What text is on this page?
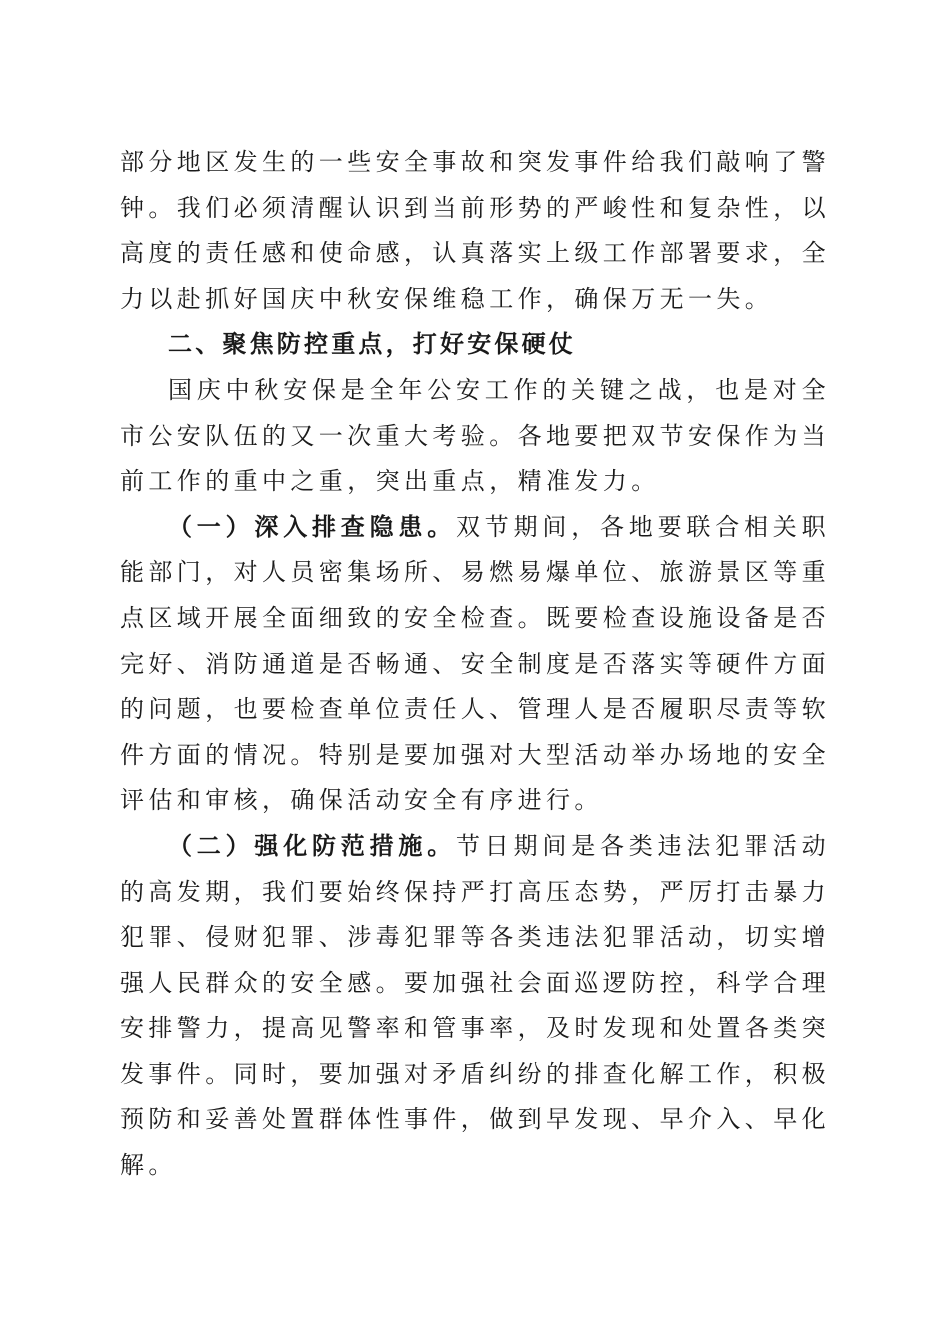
部分地区发生的一些安全事故和突发事件给我们敲响了警钟。我们必须清醒认识到当前形势的严峻性和复杂性，以高度的责任感和使命感，认真落实上级工作部署要求，全力以赴抓好国庆中秋安保维稳工作，确保万无一失。

二、聚焦防控重点，打好安保硬仗

国庆中秋安保是全年公安工作的关键之战，也是对全市公安队伍的又一次重大考验。各地要把双节安保作为当前工作的重中之重，突出重点，精准发力。

（一）深入排查隐患。双节期间，各地要联合相关职能部门，对人员密集场所、易燃易爆单位、旅游景区等重点区域开展全面细致的安全检查。既要检查设施设备是否完好、消防通道是否畅通、安全制度是否落实等硬件方面的问题，也要检查单位责任人、管理人是否履职尽责等软件方面的情况。特别是要加强对大型活动举办场地的安全评估和审核，确保活动安全有序进行。

（二）强化防范措施。节日期间是各类违法犯罪活动的高发期，我们要始终保持严打高压态势，严厉打击暴力犯罪、侵财犯罪、涉毒犯罪等各类违法犯罪活动，切实增强人民群众的安全感。要加强社会面巡逻防控，科学合理安排警力，提高见警率和管事率，及时发现和处置各类突发事件。同时，要加强对矛盾纠纷的排查化解工作，积极预防和妥善处置群体性事件，做到早发现、早介入、早化解。
